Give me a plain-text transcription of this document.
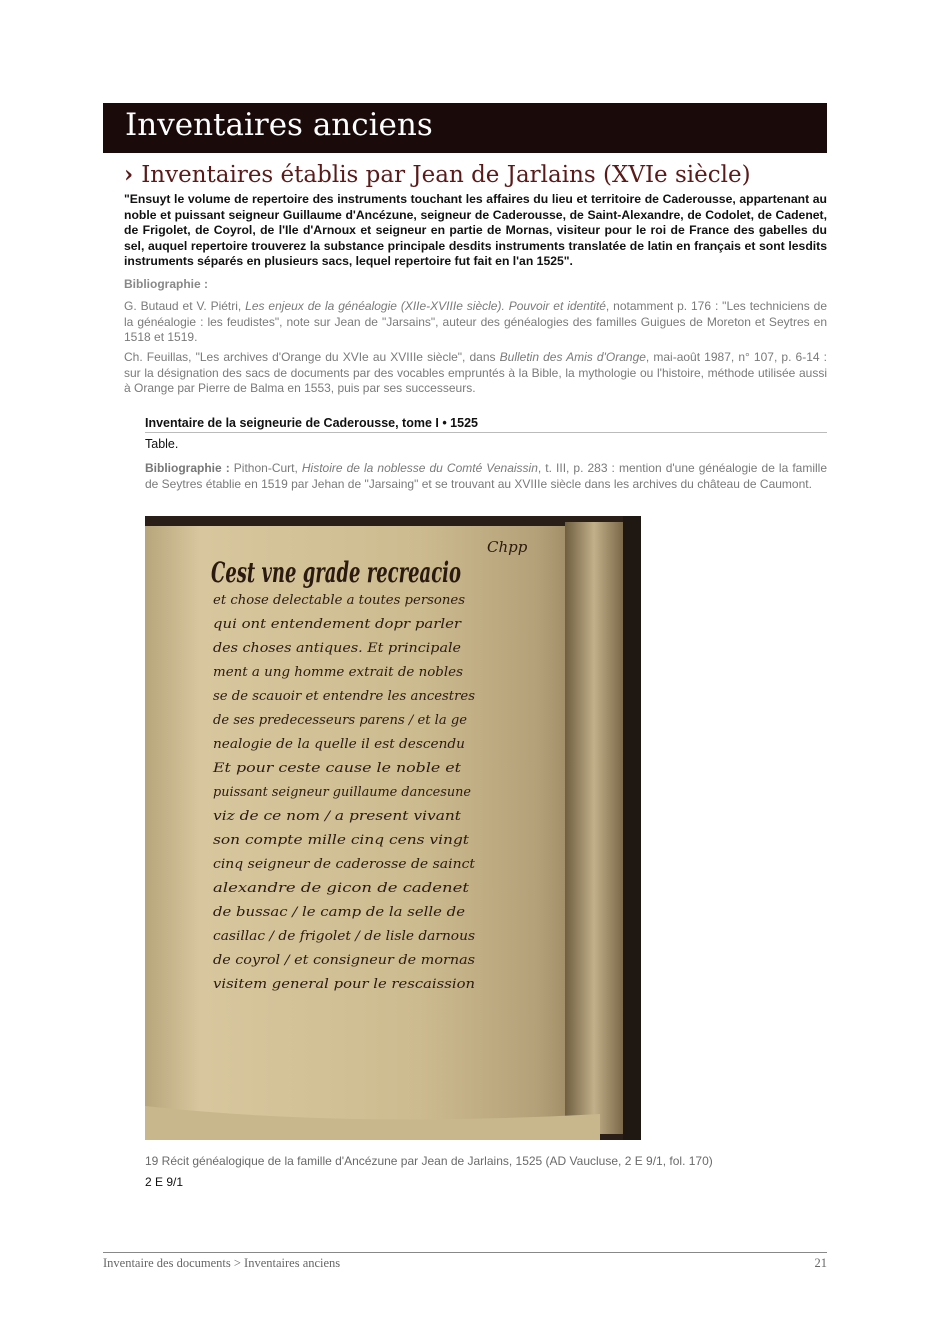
Inventaires anciens
› Inventaires établis par Jean de Jarlains (XVIe siècle)
"Ensuyt le volume de repertoire des instruments touchant les affaires du lieu et territoire de Caderousse, appartenant au noble et puissant seigneur Guillaume d'Ancézune, seigneur de Caderousse, de Saint-Alexandre, de Codolet, de Cadenet, de Frigolet, de Coyrol, de l'Ile d'Arnoux et seigneur en partie de Mornas, visiteur pour le roi de France des gabelles du sel, auquel repertoire trouverez la substance principale desdits instruments translatée de latin en français et sont lesdits instruments séparés en plusieurs sacs, lequel repertoire fut fait en l'an 1525".
Bibliographie :
G. Butaud et V. Piétri, Les enjeux de la généalogie (XIIe-XVIIIe siècle). Pouvoir et identité, notamment p. 176 : "Les techniciens de la généalogie : les feudistes", note sur Jean de "Jarsains", auteur des généalogies des familles Guigues de Moreton et Seytres en 1518 et 1519.
Ch. Feuillas, "Les archives d'Orange du XVIe au XVIIIe siècle", dans Bulletin des Amis d'Orange, mai-août 1987, n° 107, p. 6-14 : sur la désignation des sacs de documents par des vocables empruntés à la Bible, la mythologie ou l'histoire, méthode utilisée aussi à Orange par Pierre de Balma en 1553, puis par ses successeurs.
Inventaire de la seigneurie de Caderousse, tome I • 1525
Table.
Bibliographie : Pithon-Curt, Histoire de la noblesse du Comté Venaissin, t. III, p. 283 : mention d'une généalogie de la famille de Seytres établie en 1519 par Jehan de "Jarsaing" et se trouvant au XVIIIe siècle dans les archives du château de Caumont.
Chpp
Cest vne grade recreacio
et chose delectable a toutes persones
qui ont entendement dopr parler
des choses antiques. Et principale
ment a ung homme extrait de nobles
se de scauoir et entendre les ancestres
de ses predecesseurs parens / et la ge
nealogie de la quelle il est descendu
Et pour ceste cause le noble et
puissant seigneur guillaume dancesune
viz de ce nom / a present vivant
son compte mille cinq cens vingt
cinq seigneur de caderosse de sainct
alexandre de gicon de cadenet
de bussac / le camp de la selle de
casillac / de frigolet / de lisle darnous
de coyrol / et consigneur de mornas
visitem general pour le rescaission
19 Récit généalogique de la famille d'Ancézune par Jean de Jarlains, 1525 (AD Vaucluse, 2 E 9/1, fol. 170)
2 E 9/1
Inventaire des documents > Inventaires anciens	21
